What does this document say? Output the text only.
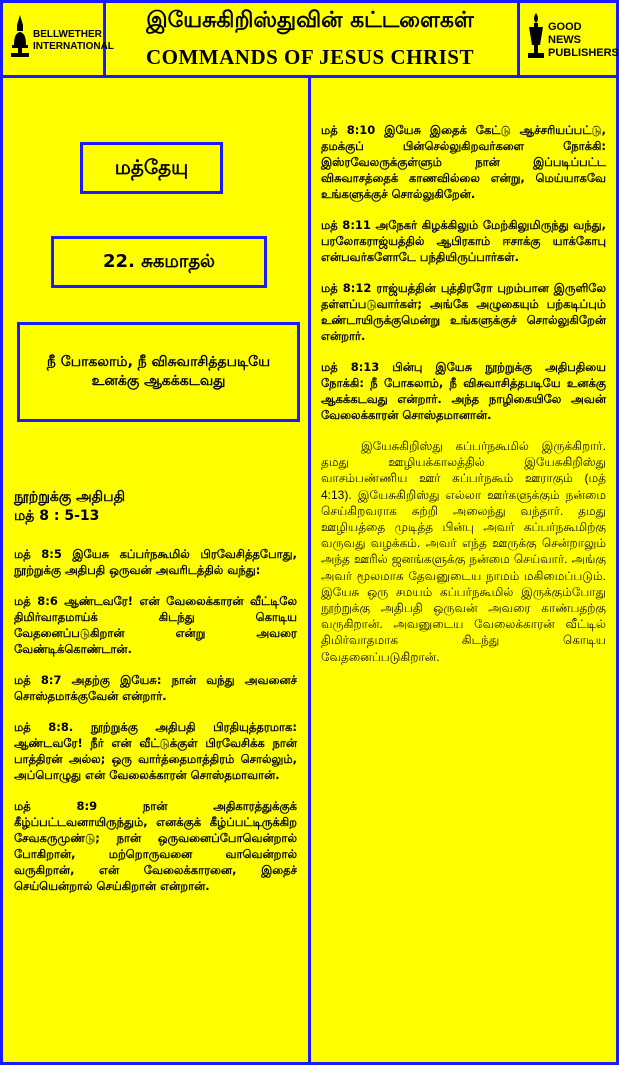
BELLWETHER
INTERNATIONAL
இயேசுகிறிஸ்துவின் கட்டளைகள்
COMMANDS OF JESUS CHRIST
GOOD NEWS
PUBLISHERS
மத்தேயு
22. சுகமாதல்
நீ போகலாம், நீ விசுவாசித்தபடியே உனக்கு ஆகக்கடவது

நூற்றுக்கு அதிபதி
மத் 8 : 5-13

மத் 8:5 இயேசு கப்பர்நகூமில் பிரவேசித்தபோது, நூற்றுக்கு அதிபதி ஒருவன் அவரிடத்தில் வந்து:

மத் 8:6 ஆண்டவரே! என் வேலைக்காரன் வீட்டிலே திமிர்வாதமாய்க் கிடந்து கொடிய வேதனைப்படுகிறான் என்று அவரை வேண்டிக்கொண்டான்.

மத் 8:7 அதற்கு இயேசு: நான் வந்து அவனைச் சொஸ்தமாக்குவேன் என்றார்.

மத் 8:8. நூற்றுக்கு அதிபதி பிரதியுத்தரமாக: ஆண்டவரே! நீர் என் வீட்டுக்குள் பிரவேசிக்க நான் பாத்திரன் அல்ல; ஒரு வார்த்தைமாத்திரம் சொல்லும், அப்பொழுது என் வேலைக்காரன் சொஸ்தமாவான்.

மத் 8:9 நான் அதிகாரத்துக்குக் கீழ்ப்பட்டவனாயிருந்தும், எனக்குக் கீழ்ப்பட்டிருக்கிற சேவகருமுண்டு; நான் ஒருவனைப்போவென்றால் போகிறான், மற்றொருவனை வாவென்றால் வருகிறான், என் வேலைக்காரனை, இதைச் செய்யென்றால் செய்கிறான் என்றான்.

மத் 8:10 இயேசு இதைக் கேட்டு ஆச்சரியப்பட்டு, தமக்குப் பின்செல்லுகிறவர்களை நோக்கி: இஸ்ரவேலருக்குள்ளும் நான் இப்படிப்பட்ட விசுவாசத்தைக் காணவில்லை என்று, மெய்யாகவே உங்களுக்குச் சொல்லுகிறேன்.

மத் 8:11 அநேகர் கிழக்கிலும் மேற்கிலுமிருந்து வந்து, பரலோகராஜ்யத்தில் ஆபிரகாம் ஈசாக்கு யாக்கோபு என்பவர்களோடே பந்தியிருப்பார்கள்.

மத் 8:12 ராஜ்யத்தின் புத்திரரோ புறம்பான இருளிலே தள்ளப்படுவார்கள்; அங்கே அழுகையும் பற்கடிப்பும் உண்டாயிருக்குமென்று உங்களுக்குச் சொல்லுகிறேன் என்றார்.

மத் 8:13 பின்பு இயேசு நூற்றுக்கு அதிபதியை நோக்கி: நீ போகலாம், நீ விசுவாசித்தபடியே உனக்கு ஆகக்கடவது என்றார். அந்த நாழிகையிலே அவன் வேலைக்காரன் சொஸ்தமானான்.

இயேசுகிறிஸ்து கப்பர்நகூமில் இருக்கிறார். தமது ஊழியக்காலத்தில் இயேசுகிறிஸ்து வாசம்பண்ணிய ஊர் கப்பர்நகூம் ஊராகும் (மத் 4:13). இயேசுகிறிஸ்து எல்லா ஊர்களுக்கும் நன்மை செய்கிறவராக சுற்றி அலைந்து வந்தார். தமது ஊழியத்தை முடித்த பின்பு அவர் கப்பர்நகூமிற்கு வருவது வழக்கம். அவர் எந்த ஊருக்கு சென்றாலும் அந்த ஊரில் ஜனங்களுக்கு நன்மை செய்வார். அங்கு அவர் மூலமாக தேவனுடைய நாமம் மகிமைப்படும். இயேசு ஒரு சமயம் கப்பர்நகூமில் இருக்கும்போது நூற்றுக்கு அதிபதி ஒருவன் அவரை காண்பதற்கு வருகிறான். அவனுடைய வேலைக்காரன் வீட்டில் திமிர்வாதமாக கிடந்து கொடிய வேதனைப்படுகிறான்.
